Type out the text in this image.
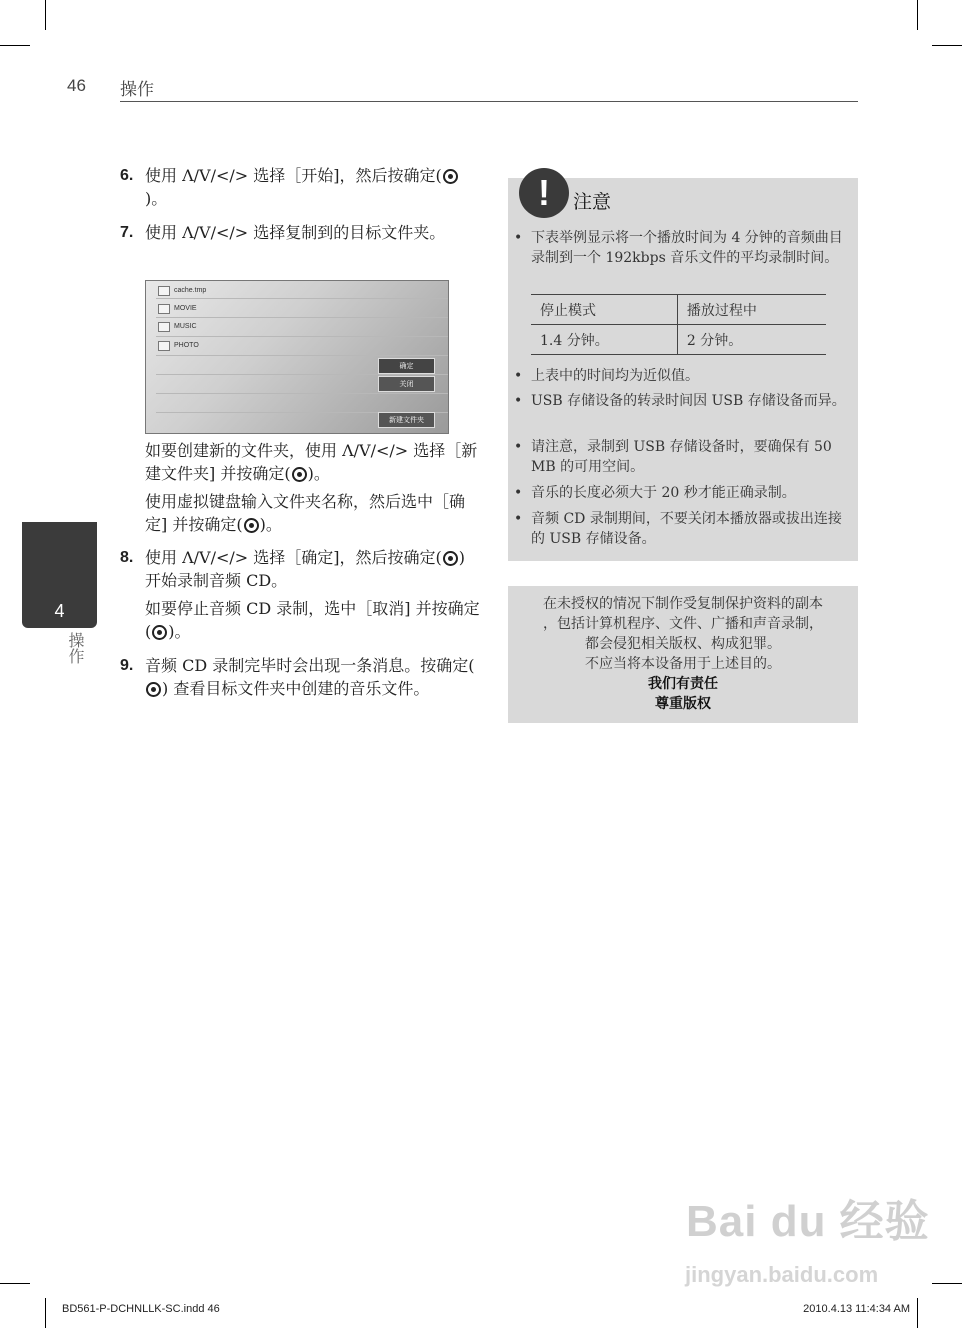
46 操作
4
操作
6. 使用 Λ/V/</> 选择［开始]，然后按确定()。
7. 使用 Λ/V/</> 选择复制到的目标文件夹。
cache.tmp
MOVIE
MUSIC
PHOTO
确定
关闭
新建文件夹
如要创建新的文件夹，使用 Λ/V/</> 选择［新建文件夹] 并按确定( )。
使用虚拟键盘输入文件夹名称，然后选中［确定] 并按确定( )。
8. 使用 Λ/V/</> 选择［确定]，然后按确定( ) 开始录制音频 CD。
如要停止音频 CD 录制，选中［取消] 并按确定( )。
9. 音频 CD 录制完毕时会出现一条消息。按确定() 查看目标文件夹中创建的音乐文件。
!	注意
• 下表举例显示将一个播放时间为 4 分钟的音频曲目录制到一个 192kbps 音乐文件的平均录制时间。
停止模式	播放过程中
1.4 分钟。	2 分钟。
• 上表中的时间均为近似值。
• USB 存储设备的转录时间因 USB 存储设备而异。
• 请注意，录制到 USB 存储设备时，要确保有 50 MB 的可用空间。
• 音乐的长度必须大于 20 秒才能正确录制。
• 音频 CD 录制期间，不要关闭本播放器或拔出连接的 USB 存储设备。
在未授权的情况下制作受复制保护资料的副本
，包括计算机程序、文件、广播和声音录制，
都会侵犯相关版权、构成犯罪。
不应当将本设备用于上述目的。
我们有责任
尊重版权
Bai du 经验
jingyan.baidu.com
BD561-P-DCHNLLK-SC.indd 46	2010.4.13 11:4:34 AM
